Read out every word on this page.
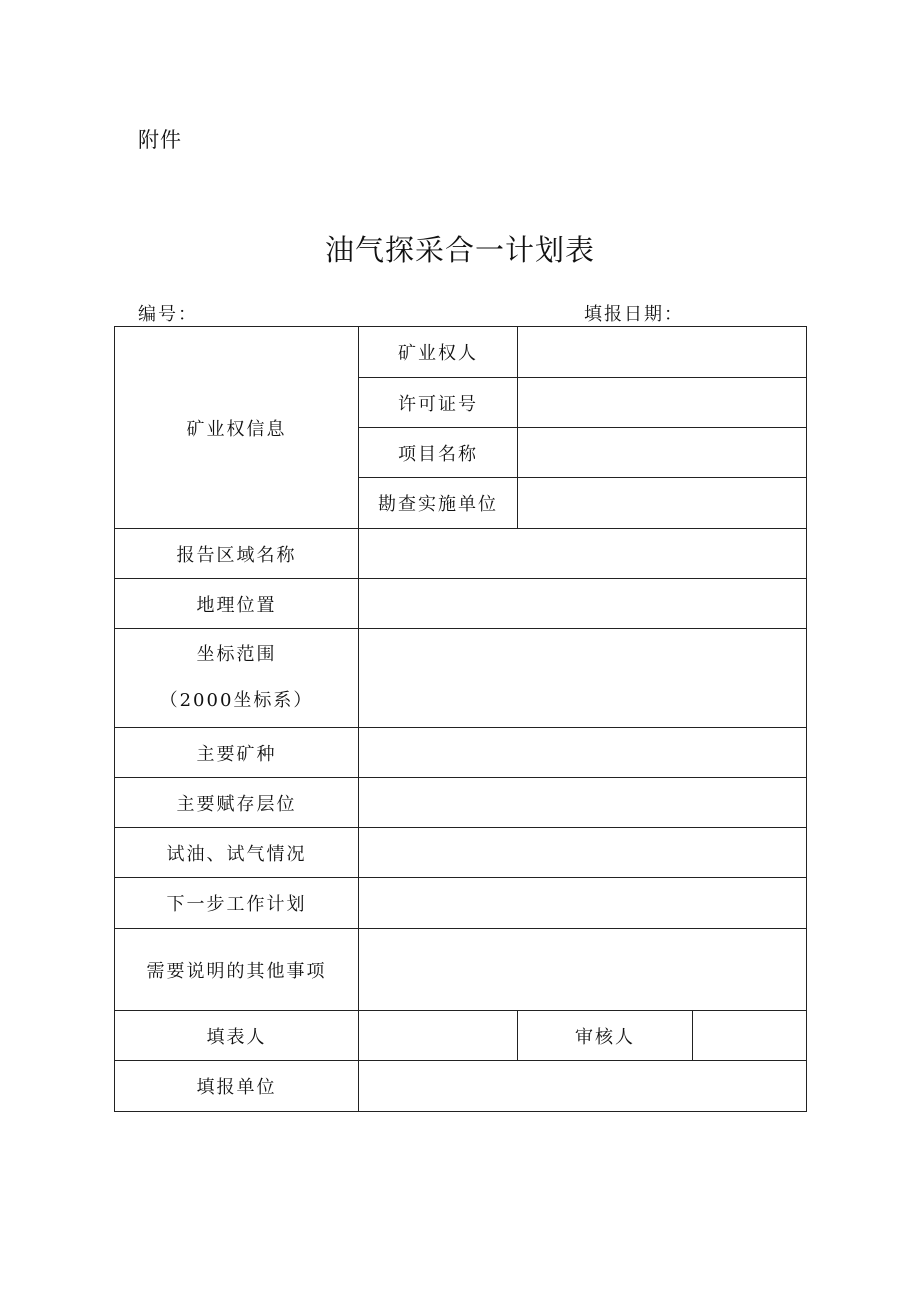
附件
油气探采合一计划表
编号：	填报日期：
矿业权信息	矿业权人		
	许可证号		
	项目名称		
	勘查实施单位		
报告区域名称			
地理位置			

坐标范围
（2000坐标系）			

主要矿种			
主要赋存层位			
试油、试气情况			
下一步工作计划			
需要说明的其他事项			
填表人		审核人	
填报单位			
